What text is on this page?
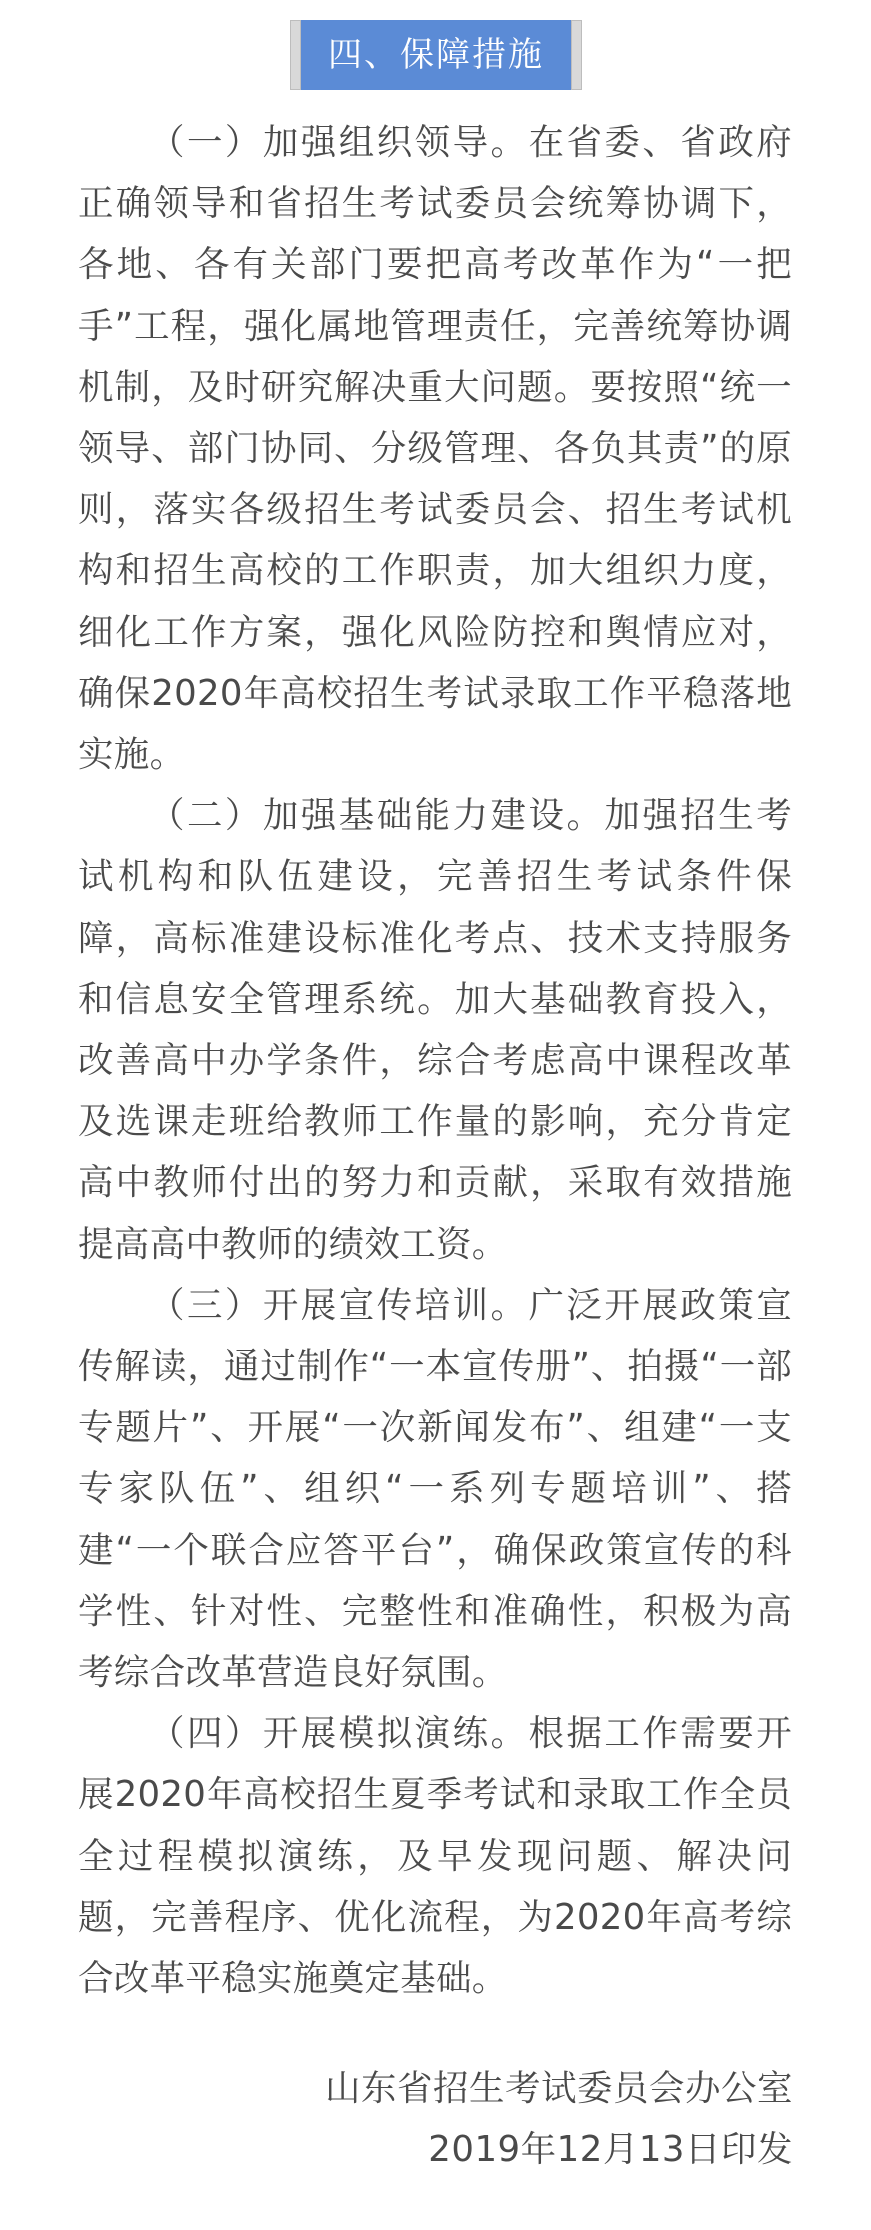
四、保障措施

（一）加强组织领导。在省委、省政府正确领导和省招生考试委员会统筹协调下，各地、各有关部门要把高考改革作为“一把手”工程，强化属地管理责任，完善统筹协调机制，及时研究解决重大问题。要按照“统一领导、部门协同、分级管理、各负其责”的原则，落实各级招生考试委员会、招生考试机构和招生高校的工作职责，加大组织力度，细化工作方案，强化风险防控和舆情应对，确保2020年高校招生考试录取工作平稳落地实施。

（二）加强基础能力建设。加强招生考试机构和队伍建设，完善招生考试条件保障，高标准建设标准化考点、技术支持服务和信息安全管理系统。加大基础教育投入，改善高中办学条件，综合考虑高中课程改革及选课走班给教师工作量的影响，充分肯定高中教师付出的努力和贡献，采取有效措施提高高中教师的绩效工资。

（三）开展宣传培训。广泛开展政策宣传解读，通过制作“一本宣传册”、拍摄“一部专题片”、开展“一次新闻发布”、组建“一支专家队伍”、组织“一系列专题培训”、搭建“一个联合应答平台”，确保政策宣传的科学性、针对性、完整性和准确性，积极为高考综合改革营造良好氛围。

（四）开展模拟演练。根据工作需要开展2020年高校招生夏季考试和录取工作全员全过程模拟演练，及早发现问题、解决问题，完善程序、优化流程，为2020年高考综合改革平稳实施奠定基础。

山东省招生考试委员会办公室
2019年12月13日印发
